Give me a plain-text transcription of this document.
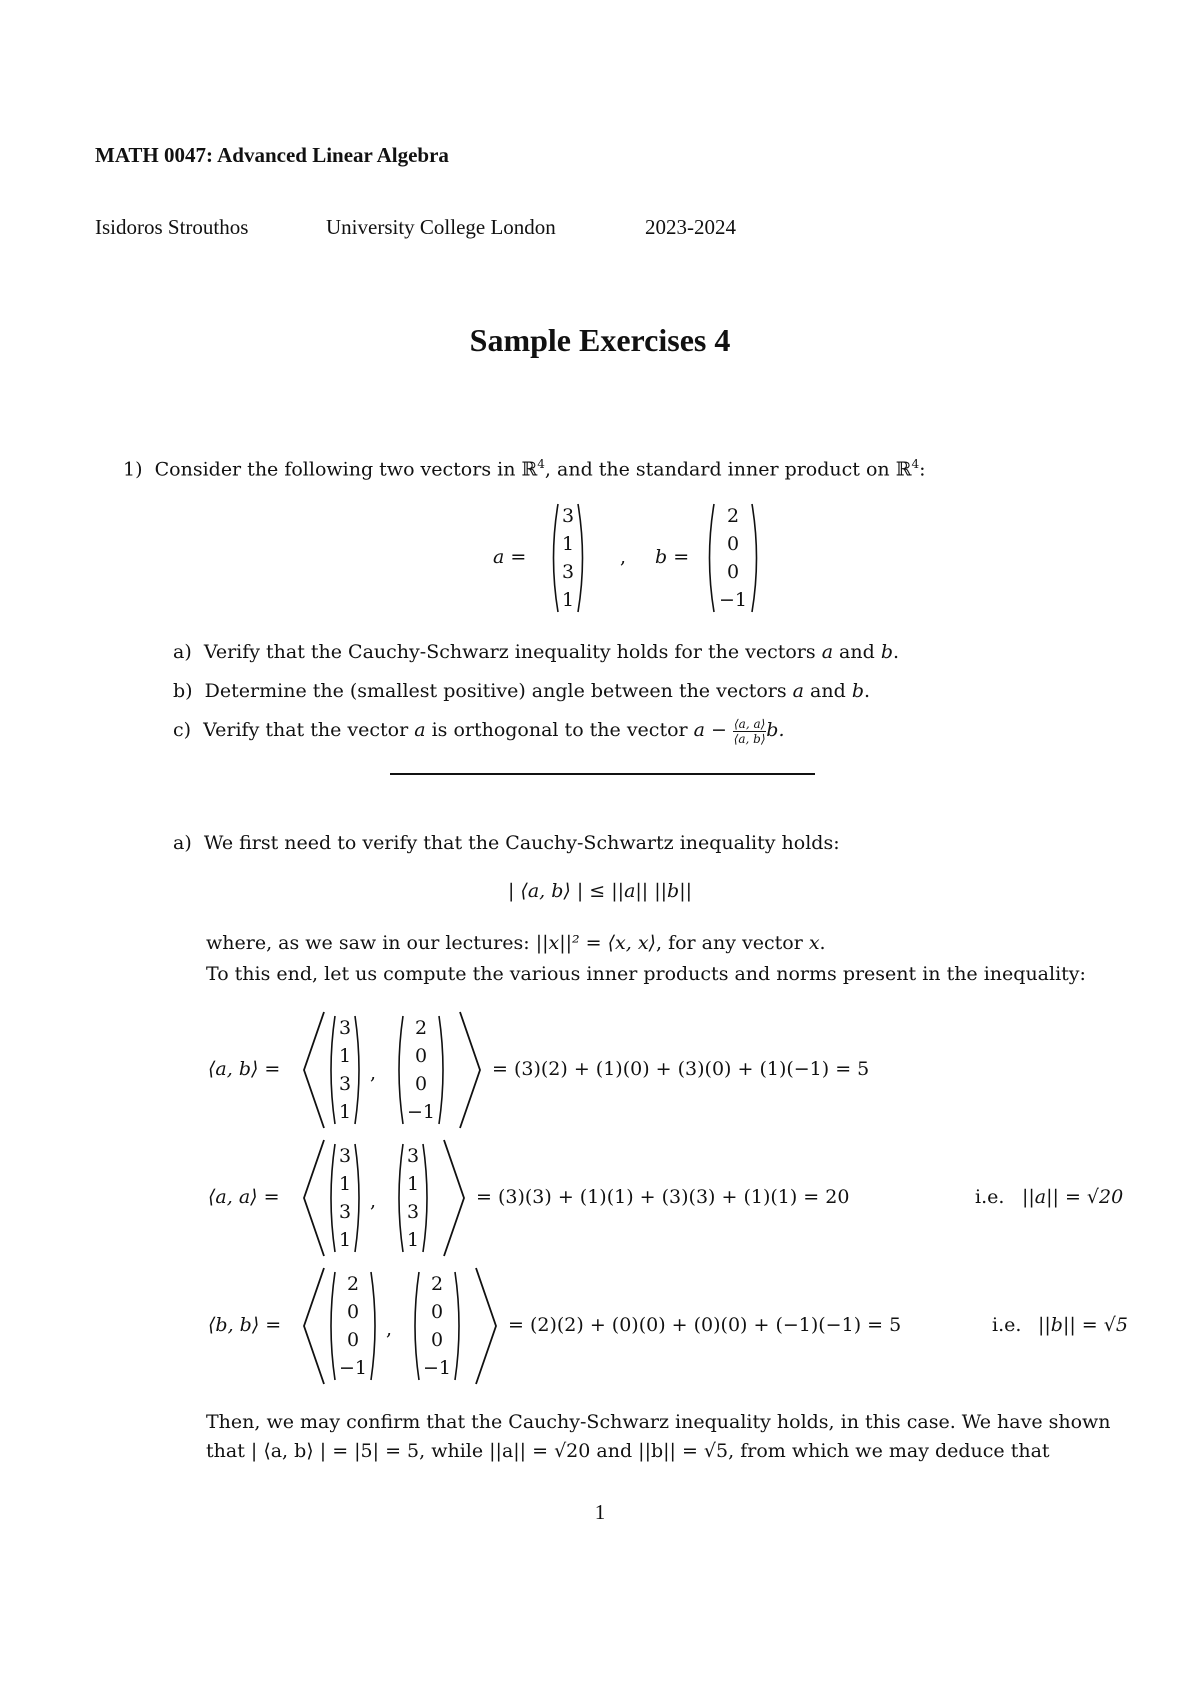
MATH 0047: Advanced Linear Algebra
Isidoros Strouthos	University College London	2023-2024
Sample Exercises 4
1) Consider the following two vectors in ℝ$^4$, and the standard inner product on ℝ$^4$:
a =
3
1
3
1
, b =
2
0
0
−1
a) Verify that the Cauchy-Schwarz inequality holds for the vectors a and b.
b) Determine the (smallest positive) angle between the vectors a and b.
c) Verify that the vector a is orthogonal to the vector $a - \frac{⟨a, a⟩}{⟨a, b⟩} b$.
a) We first need to verify that the Cauchy-Schwartz inequality holds:
| ⟨a, b⟩ | ≤ ||a|| ||b||
where, as we saw in our lectures: ||x||² = ⟨x, x⟩, for any vector x.
To this end, let us compute the various inner products and norms present in the inequality:
⟨a, b⟩ =
3
1
3
1
,
2
0
0
−1
= (3)(2) + (1)(0) + (3)(0) + (1)(−1) = 5
⟨a, a⟩ =
3
1
3
1
,
3
1
3
1
= (3)(3) + (1)(1) + (3)(3) + (1)(1) = 20	i.e. ||a|| = √20
⟨b, b⟩ =
2
0
0
−1
,
2
0
0
−1
= (2)(2) + (0)(0) + (0)(0) + (−1)(−1) = 5	i.e. ||b|| = √5
Then, we may confirm that the Cauchy-Schwarz inequality holds, in this case. We have shown
that | ⟨a, b⟩ | = |5| = 5, while ||a|| = √20 and ||b|| = √5, from which we may deduce that
1
